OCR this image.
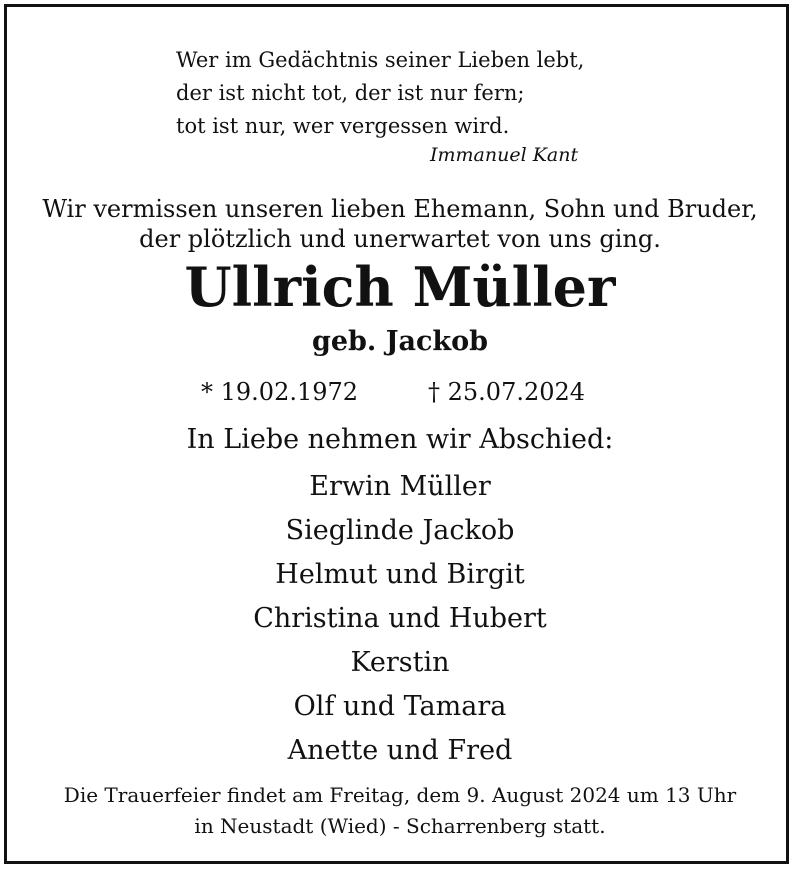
Wer im Gedächtnis seiner Lieben lebt,
der ist nicht tot, der ist nur fern;
tot ist nur, wer vergessen wird.
Immanuel Kant
Wir vermissen unseren lieben Ehemann, Sohn und Bruder,
der plötzlich und unerwartet von uns ging.
Ullrich Müller
geb. Jackob
* 19.02.1972	† 25.07.2024
In Liebe nehmen wir Abschied:
Erwin Müller
Sieglinde Jackob
Helmut und Birgit
Christina und Hubert
Kerstin
Olf und Tamara
Anette und Fred
Die Trauerfeier findet am Freitag, dem 9. August 2024 um 13 Uhr
in Neustadt (Wied) - Scharrenberg statt.
